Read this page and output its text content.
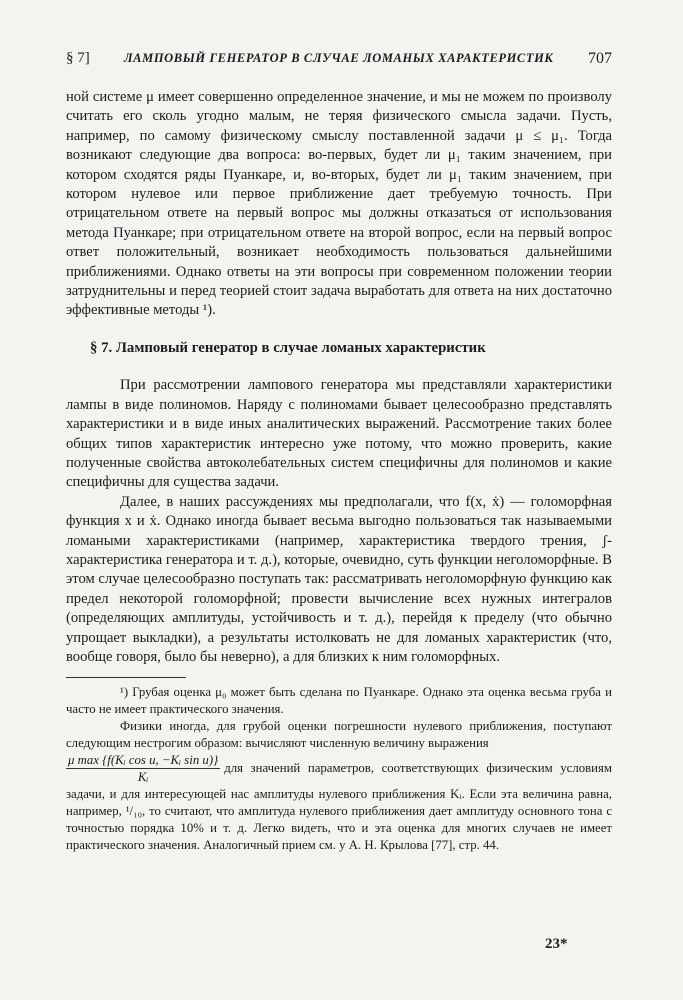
§ 7]	ЛАМПОВЫЙ ГЕНЕРАТОР В СЛУЧАЕ ЛОМАНЫХ ХАРАКТЕРИСТИК 707

ной системе μ имеет совершенно определенное значение, и мы не можем по произволу считать его сколь угодно малым, не теряя физического смысла задачи. Пусть, например, по самому физическому смыслу поставленной задачи μ ≤ μ₁. Тогда возникают следующие два вопроса: во-первых, будет ли μ₁ таким значением, при котором сходятся ряды Пуанкаре, и, во-вторых, будет ли μ₁ таким значением, при котором нулевое или первое приближение дает требуемую точность. При отрицательном ответе на первый вопрос мы должны отказаться от использования метода Пуанкаре; при отрицательном ответе на второй вопрос, если на первый вопрос ответ положительный, возникает необходимость пользоваться дальнейшими приближениями. Однако ответы на эти вопросы при современном положении теории затруднительны и перед теорией стоит задача выработать для ответа на них достаточно эффективные методы ¹).

§ 7. Ламповый генератор в случае ломаных характеристик

При рассмотрении лампового генератора мы представляли характеристики лампы в виде полиномов. Наряду с полиномами бывает целесообразно представлять характеристики и в виде иных аналитических выражений. Рассмотрение таких более общих типов характеристик интересно уже потому, что можно проверить, какие полученные свойства автоколебательных систем специфичны для полиномов и какие специфичны для существа задачи.

Далее, в наших рассуждениях мы предполагали, что f(x, ẋ) — голоморфная функция x и ẋ. Однако иногда бывает весьма выгодно пользоваться так называемыми ломаными характеристиками (например, характеристика твердого трения, ʃ-характеристика генератора и т. д.), которые, очевидно, суть функции неголоморфные. В этом случае целесообразно поступать так: рассматривать неголоморфную функцию как предел некоторой голоморфной; провести вычисление всех нужных интегралов (определяющих амплитуды, устойчивость и т. д.), перейдя к пределу (что обычно упрощает выкладки), а результаты истолковать не для ломаных характеристик (что, вообще говоря, было бы неверно), а для близких к ним голоморфных.

¹) Грубая оценка μ₀ может быть сделана по Пуанкаре. Однако эта оценка весьма груба и часто не имеет практического значения.

Физики иногда, для грубой оценки погрешности нулевого приближения, поступают следующим нестрогим образом: вычисляют численную величину выражения

$\frac{\text{μ max \{f(Kᵢ cos u, −Kᵢ sin u)\}}}{\text{Kᵢ}}$ для значений параметров, соответствующих физическим условиям задачи, и для интересующей нас амплитуды нулевого приближения Kᵢ. Если эта величина равна, например, ¹/₁₀, то считают, что амплитуда нулевого приближения дает амплитуду основного тона с точностью порядка 10% и т. д. Легко видеть, что и эта оценка для многих случаев не имеет практического значения. Аналогичный прием см. у А. Н. Крылова [77], стр. 44.

23*
